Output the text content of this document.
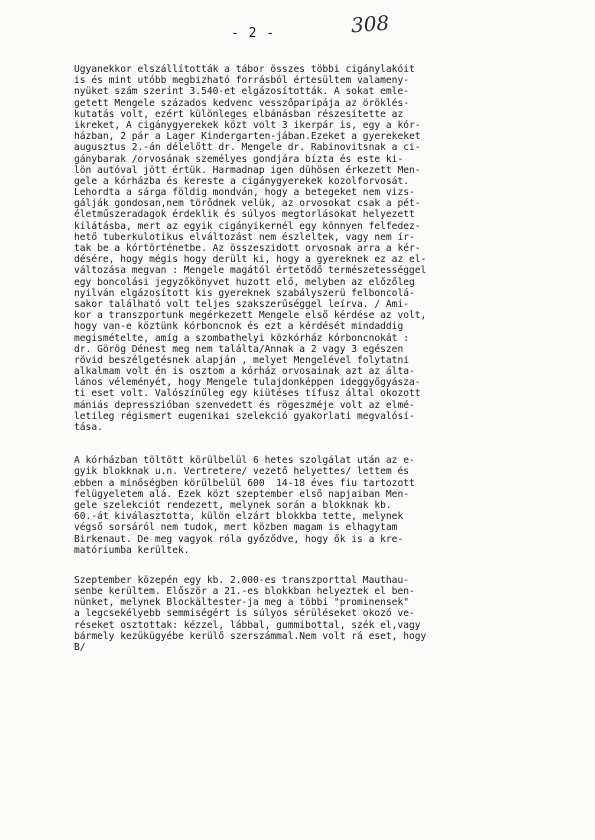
- 2 -	308
Ugyanekkor elszállították a tábor összes többi cigánylakóit
is és mint utóbb megbizható forrásból értesültem valameny-
nyüket szám szerint 3.540-et elgázosították. A sokat emle-
getett Mengele százados kedvenc vesszőparipája az öröklés-
kutatás volt, ezért különleges elbánásban részesítette az
ikreket, A cigánygyerekek közt volt 3 ikerpár is, egy a kór-
házban, 2 pár a Lager Kindergarten-jában.Ezeket a gyerekeket
augusztus 2.-án délelőtt dr. Mengele dr. Rabinovitsnak a ci-
gánybarak /orvosának személyes gondjára bízta és este ki-
lön autóval jött értük. Harmadnap igen dühösen érkezett Men-
gele a kórházba és kereste a cigánygyerekek kozolforvosát.
Lehordta a sárga földig mondván, hogy a betegeket nem vizs-
gálják gondosan,nem törődnek velük, az orvosokat csak a pét-
életműszeradagok érdeklik és súlyos megtorlásokat helyezett
kilátásba, mert az egyik cigányikernél egy könnyen felfedez-
hető tuberkulotikus elváltozást nem észleltek, vagy nem ír-
tak be a kórtörténetbe. Az összeszidott orvosnak arra a kér-
désére, hogy mégis hogy derült ki, hogy a gyereknek ez az el-
változása megvan : Mengele magától értetődő természetességgel
egy boncolási jegyzőkönyvet huzott elő, melyben az előzőleg
nyilván elgázosított kis gyereknek szabályszerü felboncolá-
sakor található volt teljes szakszerűséggel leírva. / Ami-
kor a transzportunk megérkezett Mengele első kérdése az volt,
hogy van-e köztünk kórboncnok és ezt a kérdését mindaddig
megismételte, amíg a szombathelyi közkórház kórboncnokát :
dr. Görög Dénest meg nem találta/Annak a 2 vagy 3 egészen
rövid beszélgetésnek alapján , melyet Mengelével folytatni
alkalmam volt én is osztom a kórház orvosainak azt az álta-
lános véleményét, hogy Mengele tulajdonképpen ideggyőgyásza-
ti eset volt. Valószínűleg egy kiütéses tífusz által okozott
mániás depresszióban szenvedett és rögeszméje volt az elmé-
letileg régismert eugenikai szelekció gyakorlati megvalósí-
tása.
A kórházban töltött körülbelül 6 hetes szolgálat után az e-
gyik blokknak u.n. Vertretere/ vezető helyettes/ lettem és
ebben a minőségben körülbelül 600  14-18 éves fiu tartozott
felügyeletem alá. Ezek közt szeptember első napjaiban Men-
gele szelekciót rendezett, melynek során a blokknak kb.
60.-át kiválasztotta, külön elzárt blokkba tette, melynek
végső sorsáról nem tudok, mert közben magam is elhagytam
Birkenaut. De meg vagyok róla győződve, hogy ők is a kre-
matóriumba kerültek.
Szeptember közepén egy kb. 2.000-es transzporttal Mauthau-
senbe kerültem. Először a 21.-es blokkban helyeztek el ben-
nünket, melynek Blockältester-ja meg a többi "prominensek"
a legcsekélyebb semmiségért is súlyos sérüléseket okozó ve-
réseket osztottak: kézzel, lábbal, gummibottal, szék el,vagy
bármely kezükügyébe kerülő szerszámmal.Nem volt rá eset, hogy
B/
